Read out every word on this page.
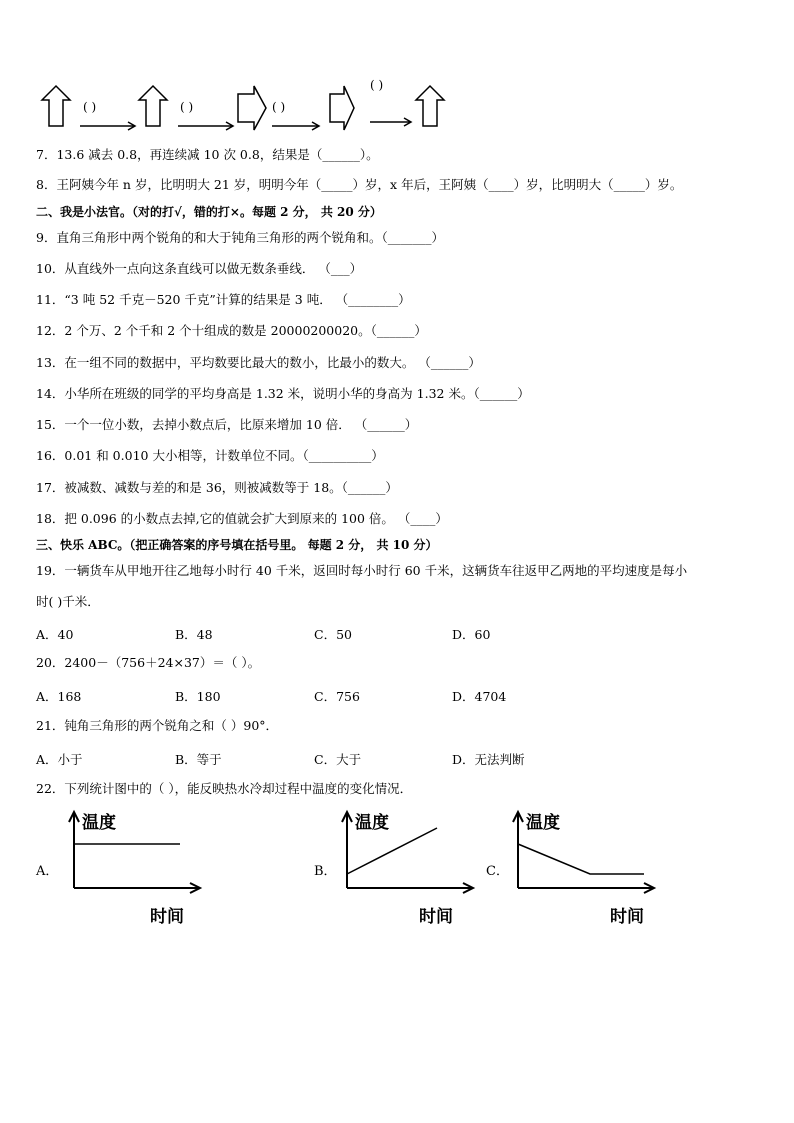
( )	( )	( )
( )
7．13.6 减去 0.8，再连续减 10 次 0.8，结果是（______）。
8．王阿姨今年 n 岁，比明明大 21 岁，明明今年（_____）岁，x 年后，王阿姨（____）岁，比明明大（_____）岁。
二、我是小法官。（对的打√，错的打×。每题 2 分， 共 20 分）
9．直角三角形中两个锐角的和大于钝角三角形的两个锐角和。（_______）
10．从直线外一点向这条直线可以做无数条垂线． （___）
11．“3 吨 52 千克－520 千克”计算的结果是 3 吨． （________）
12．2 个万、2 个千和 2 个十组成的数是 20000200020。（______）
13．在一组不同的数据中，平均数要比最大的数小，比最小的数大。 （______）
14．小华所在班级的同学的平均身高是 1.32 米，说明小华的身高为 1.32 米。（______）
15．一个一位小数，去掉小数点后，比原来增加 10 倍． （______）
16．0.01 和 0.010 大小相等，计数单位不同。（__________）
17．被减数、减数与差的和是 36，则被减数等于 18。（______）
18．把 0.096 的小数点去掉,它的值就会扩大到原来的 100 倍。 （____）
三、快乐 ABC。（把正确答案的序号填在括号里。 每题 2 分， 共 10 分）
19．一辆货车从甲地开往乙地每小时行 40 千米，返回时每小时行 60 千米，这辆货车往返甲乙两地的平均速度是每小
时( )千米．
A．40	B．48	C．50	D．60
20．2400－（756＋24×37）＝（ ）。
A．168	B．180	C．756	D．4704
21．钝角三角形的两个锐角之和（ ）90°．
A．小于	B．等于	C．大于	D．无法判断
22．下列统计图中的（ ），能反映热水冷却过程中温度的变化情况．
A．
温度
时间
B．
温度
时间
C．
温度
时间
